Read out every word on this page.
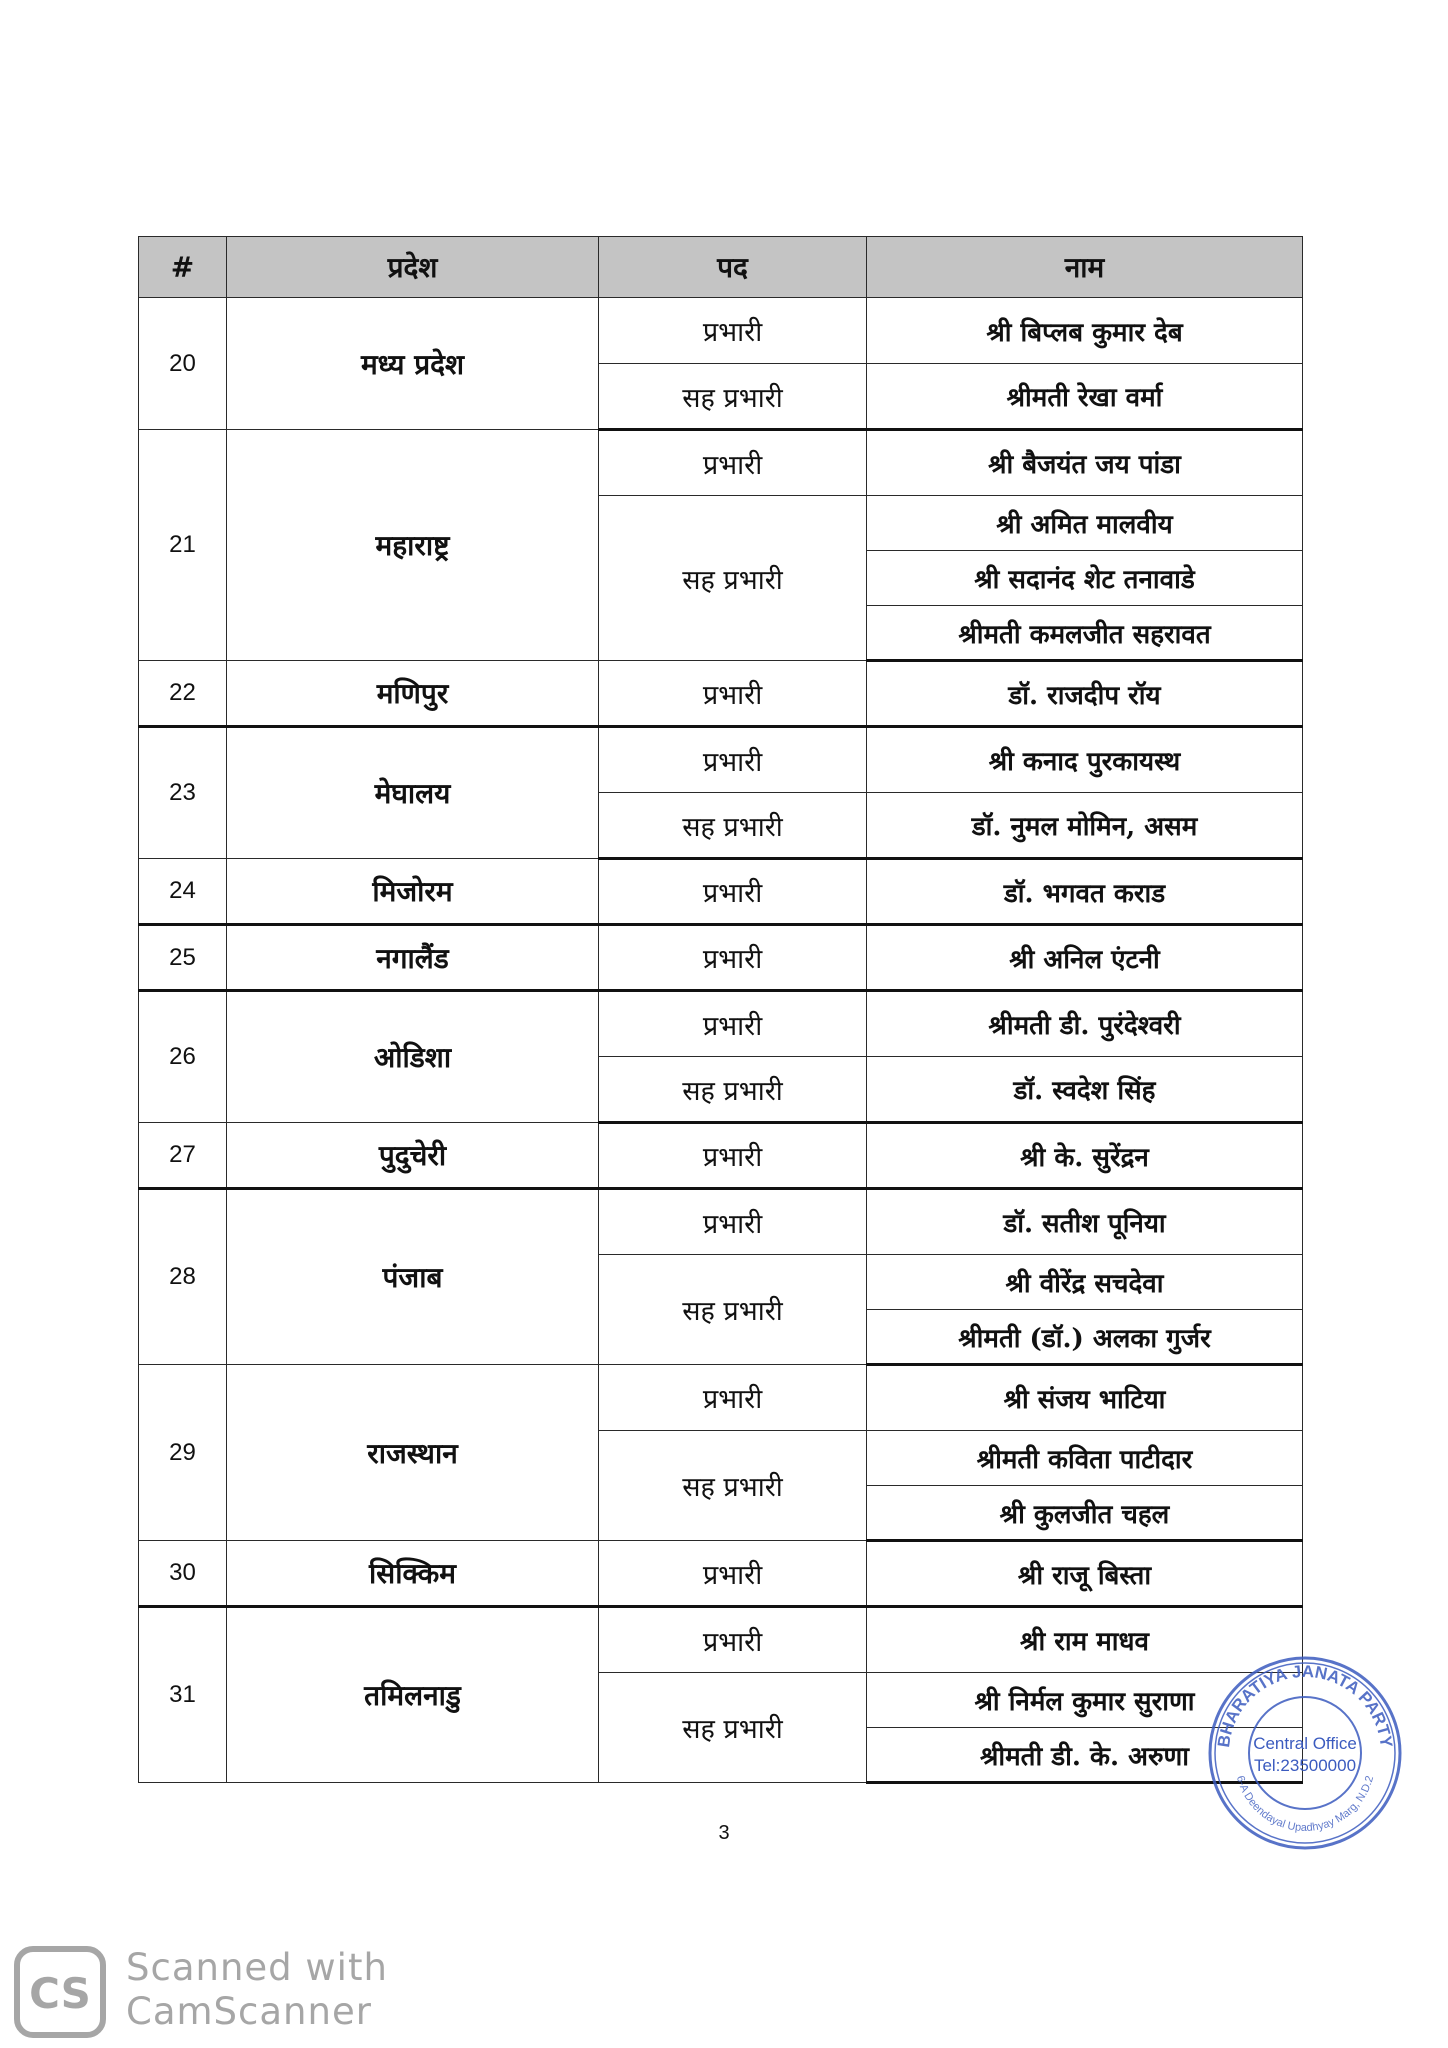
#	प्रदेश	पद	नाम
20	मध्य प्रदेश	प्रभारी	श्री बिप्लब कुमार देब
		सह प्रभारी	श्रीमती रेखा वर्मा
21	महाराष्ट्र	प्रभारी	श्री बैजयंत जय पांडा
		सह प्रभारी	श्री अमित मालवीय
			श्री सदानंद शेट तनावाडे
			श्रीमती कमलजीत सहरावत
22	मणिपुर	प्रभारी	डॉ. राजदीप रॉय
23	मेघालय	प्रभारी	श्री कनाद पुरकायस्थ
		सह प्रभारी	डॉ. नुमल मोमिन, असम
24	मिजोरम	प्रभारी	डॉ. भगवत कराड
25	नगालैंड	प्रभारी	श्री अनिल एंटनी
26	ओडिशा	प्रभारी	श्रीमती डी. पुरंदेश्वरी
		सह प्रभारी	डॉ. स्वदेश सिंह
27	पुदुचेरी	प्रभारी	श्री के. सुरेंद्रन
28	पंजाब	प्रभारी	डॉ. सतीश पूनिया
		सह प्रभारी	श्री वीरेंद्र सचदेवा
			श्रीमती (डॉ.) अलका गुर्जर
29	राजस्थान	प्रभारी	श्री संजय भाटिया
		सह प्रभारी	श्रीमती कविता पाटीदार
			श्री कुलजीत चहल
30	सिक्किम	प्रभारी	श्री राजू बिस्ता
31	तमिलनाडु	प्रभारी	श्री राम माधव
		सह प्रभारी	श्री निर्मल कुमार सुराणा
			श्रीमती डी. के. अरुणा
3
BHARATIYA JANATA PARTY
6-A Deendayal Upadhyay Marg, N.D.2
Central Office
Tel:23500000
CS
Scanned with
CamScanner
